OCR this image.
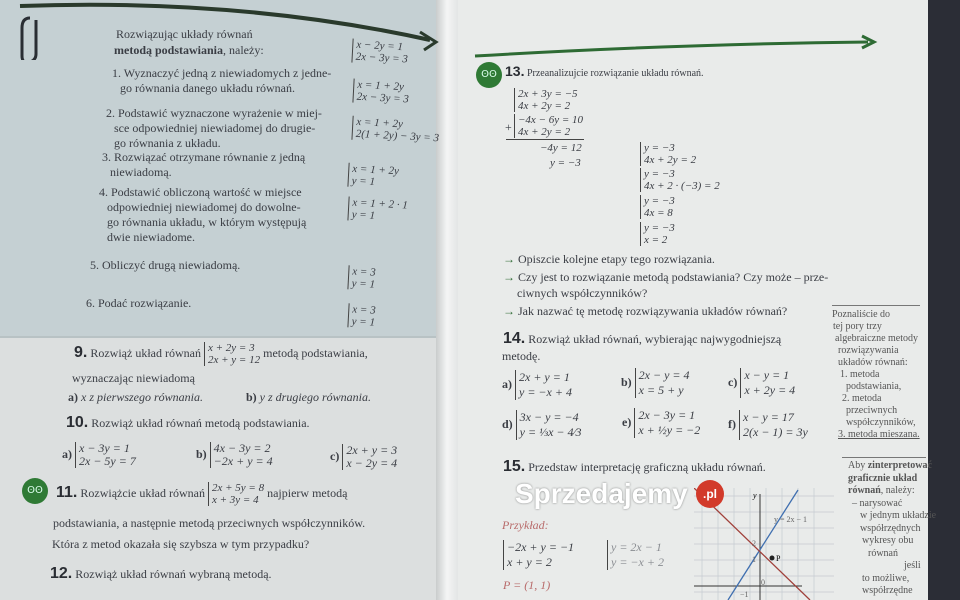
Rozwiązując układy równań
metodą podstawiania, należy:
1. Wyznaczyć jedną z niewiadomych z jedne-
go równania danego układu równań.
x − 2y = 1
2x − 3y = 3
x = 1 + 2y
2x − 3y = 3
2. Podstawić wyznaczone wyrażenie w miej-
sce odpowiedniej niewiadomej do drugie-
go równania z układu.
x = 1 + 2y
2(1 + 2y) − 3y = 3
3. Rozwiązać otrzymane równanie z jedną
niewiadomą.	x = 1 + 2y
y = 1
4. Podstawić obliczoną wartość w miejsce
odpowiedniej niewiadomej do dowolne-
go równania układu, w którym występują
dwie niewiadome.
x = 1 + 2 · 1
y = 1
5. Obliczyć drugą niewiadomą.
x = 3
y = 1
6. Podać rozwiązanie.
x = 3
y = 1
9. Rozwiąż układ równań x + 2y = 3
2x + y = 12
metodą podstawiania,
wyznaczając niewiadomą
a) x z pierwszego równania.	b) y z drugiego równania.
10. Rozwiąż układ równań metodą podstawiania.
a) x − 3y = 1
2x − 5y = 7
b) 4x − 3y = 2
−2x + y = 4	c) 2x + y = 3
x − 2y = 4
ʘʘ 11. Rozwiążcie układ równań 2x + 5y = 8
x + 3y = 4
najpierw metodą
podstawiania, a następnie metodą przeciwnych współczynników.
Która z metod okazała się szybsza w tym przypadku?
12. Rozwiąż układ równań wybraną metodą.
ʘʘ 13. Przeanalizujcie rozwiązanie układu równań.
2x + 3y = −5
4x + 2y = 2
+ −4x − 6y = 10
4x + 2y = 2
−4y = 12
y = −3
y = −3
4x + 2y = 2
y = −3
4x + 2 · (−3) = 2
y = −3
4x = 8
y = −3
x = 2
→ Opiszcie kolejne etapy tego rozwiązania.
→ Czy jest to rozwiązanie metodą podstawiania? Czy może – prze-
ciwnych współczynników?
→ Jak nazwać tę metodę rozwiązywania układów równań?
14. Rozwiąż układ równań, wybierając najwygodniejszą
metodę.
a) 2x + y = 1
y = −x + 4
b) 2x − y = 4
x = 5 + y
c) x − y = 1
x + 2y = 4
d) 3x − y = −4
y = ⅓x − 4⁄3
e) 2x − 3y = 1
x + ½y = −2 f) x − y = 17
2(x − 1) = 3y
15. Przedstaw interpretację graficzną układu równań.
Przykład:
−2x + y = −1
x + y = 2
y = 2x − 1
y = −x + 2
P = (1, 1)
y
P
y = 2x − 1
0
−1
1
2
Poznaliście do
tej pory trzy
algebraiczne metody
rozwiązywania
układów równań:
1. metoda
podstawiania,
2. metoda
przeciwnych
współczynników,
3. metoda mieszana.
Aby zinterpretować
graficznie układ
równań, należy:
– narysować
w jednym układzie
współrzędnych
wykresy obu
równań
jeśli
to możliwe,
współrzędne
Sprzedajemy	.pl
